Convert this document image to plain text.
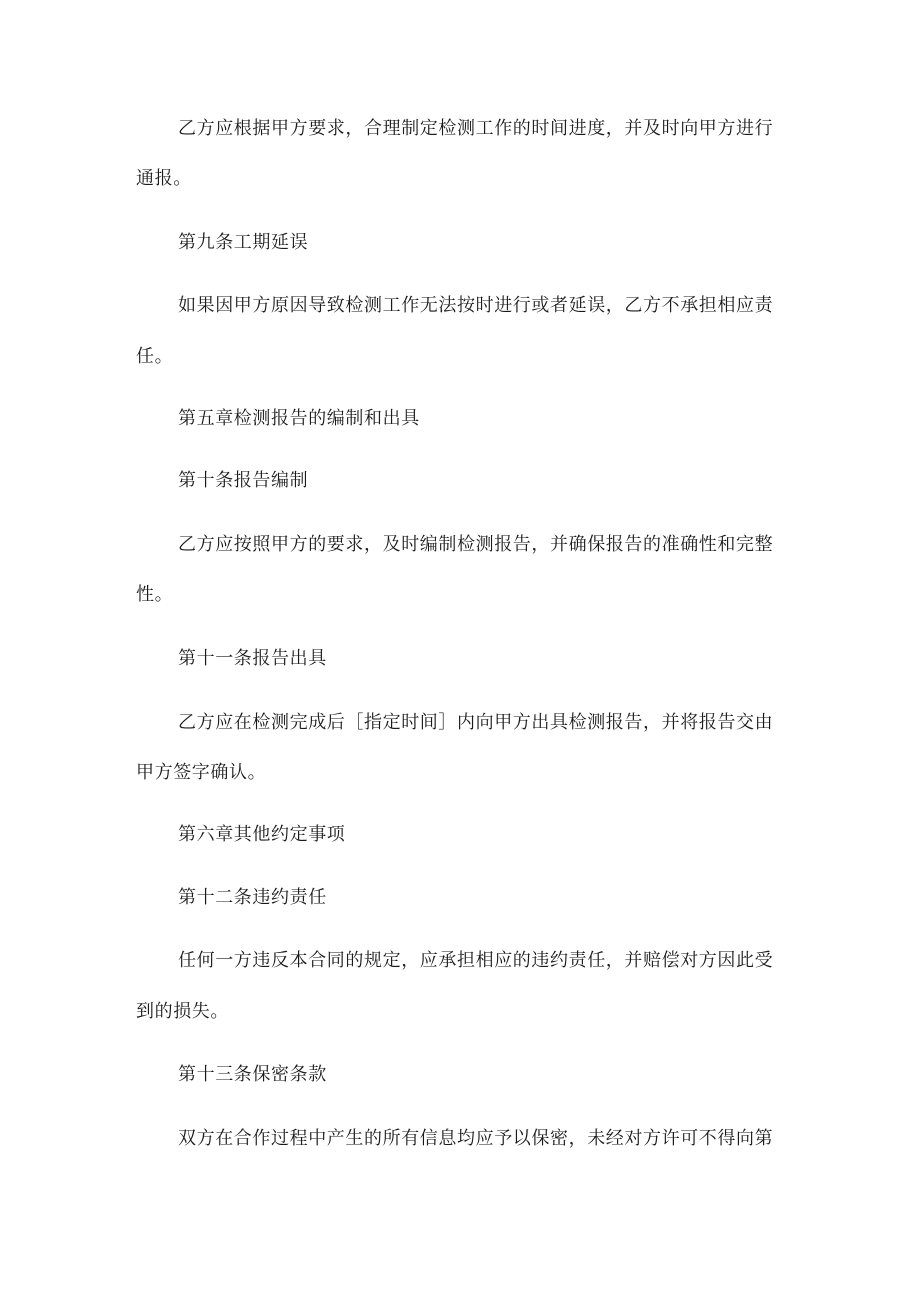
乙方应根据甲方要求，合理制定检测工作的时间进度，并及时向甲方进行
通报。
第九条工期延误
如果因甲方原因导致检测工作无法按时进行或者延误，乙方不承担相应责
任。
第五章检测报告的编制和出具
第十条报告编制
乙方应按照甲方的要求，及时编制检测报告，并确保报告的准确性和完整
性。
第十一条报告出具
乙方应在检测完成后［指定时间］内向甲方出具检测报告，并将报告交由
甲方签字确认。
第六章其他约定事项
第十二条违约责任
任何一方违反本合同的规定，应承担相应的违约责任，并赔偿对方因此受
到的损失。
第十三条保密条款
双方在合作过程中产生的所有信息均应予以保密，未经对方许可不得向第
